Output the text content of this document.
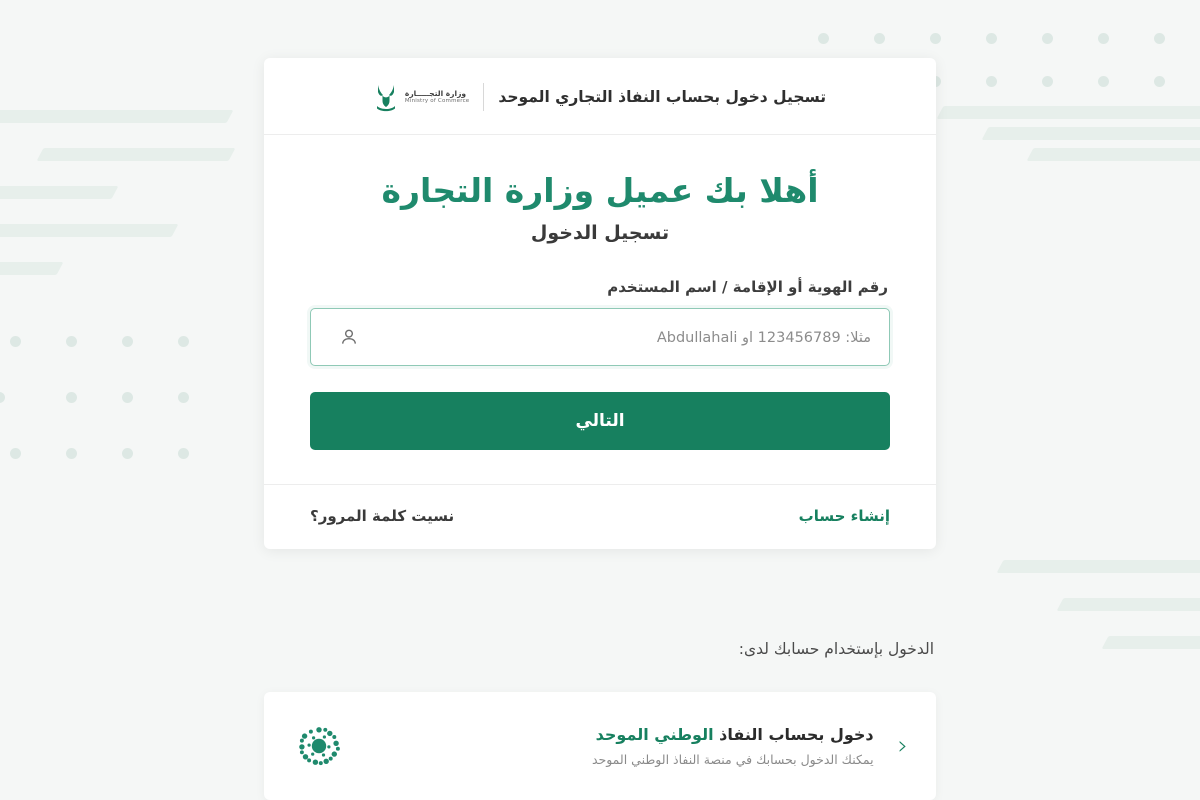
تسجيل دخول بحساب النفاذ التجاري الموحد
وزارة التجـــــارة
Ministry of Commerce
أهلا بك عميل وزارة التجارة
تسجيل الدخول
رقم الهوية أو الإقامة / اسم المستخدم
مثلا: 123456789 او Abdullahali
التالي
نسيت كلمة المرور؟	إنشاء حساب
الدخول بإستخدام حسابك لدى:

دخول بحساب النفاذ الوطني الموحد

يمكنك الدخول بحسابك في منصة النفاذ الوطني الموحد ‹
